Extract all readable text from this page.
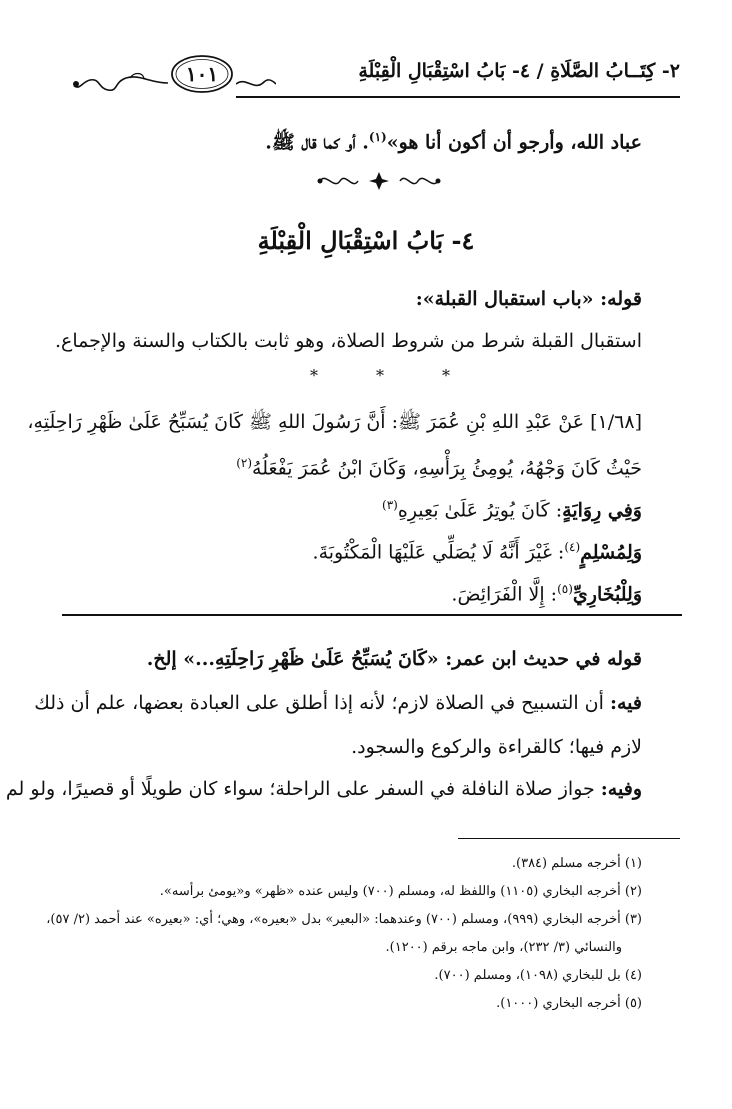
١٠١	٢- كِتَــابُ الصَّلَاةِ / ٤- بَابُ اسْتِقْبَالِ الْقِبْلَةِ
عباد الله، وأرجو أن أكون أنا هو»$^{(١)}$. أو كما قال ﷺ.
٤- بَابُ اسْتِقْبَالِ الْقِبْلَةِ
قوله: «باب استقبال القبلة»:
استقبال القبلة شرط من شروط الصلاة، وهو ثابت بالكتاب والسنة والإجماع.
*	*	*
[١/٦٨] عَنْ عَبْدِ اللهِ بْنِ عُمَرَ ﷺ: أَنَّ رَسُولَ اللهِ ﷺ كَانَ يُسَبِّحُ عَلَىٰ ظَهْرِ رَاحِلَتِهِ،
حَيْثُ كَانَ وَجْهُهُ، يُومِئُ بِرَأْسِهِ، وَكَانَ ابْنُ عُمَرَ يَفْعَلُهُ$^{(٢)}$
وَفِي رِوَايَةٍ: كَانَ يُوتِرُ عَلَىٰ بَعِيرِهِ$^{(٣)}$
وَلِمُسْلِمٍ$^{(٤)}$: غَيْرَ أَنَّهُ لَا يُصَلِّي عَلَيْهَا الْمَكْتُوبَةَ.
وَلِلْبُخَارِيِّ$^{(٥)}$: إِلَّا الْفَرَائِضَ.
قوله في حديث ابن عمر: «كَانَ يُسَبِّحُ عَلَىٰ ظَهْرِ رَاحِلَتِهِ...» إلخ.
فيه: أن التسبيح في الصلاة لازم؛ لأنه إذا أطلق على العبادة بعضها، علم أن ذلك
لازم فيها؛ كالقراءة والركوع والسجود.
وفيه: جواز صلاة النافلة في السفر على الراحلة؛ سواء كان طويلًا أو قصيرًا، ولو لم
(١) أخرجه مسلم (٣٨٤).
(٢) أخرجه البخاري (١١٠٥) واللفظ له، ومسلم (٧٠٠) وليس عنده «ظهر» و«يومئ برأسه».
(٣) أخرجه البخاري (٩٩٩)، ومسلم (٧٠٠) وعندهما: «البعير» بدل «بعيره»، وهي؛ أي: «بعيره» عند أحمد (٢/ ٥٧)،
والنسائي (٣/ ٢٣٢)، وابن ماجه برقم (١٢٠٠).
(٤) بل للبخاري (١٠٩٨)، ومسلم (٧٠٠).
(٥) أخرجه البخاري (١٠٠٠).
